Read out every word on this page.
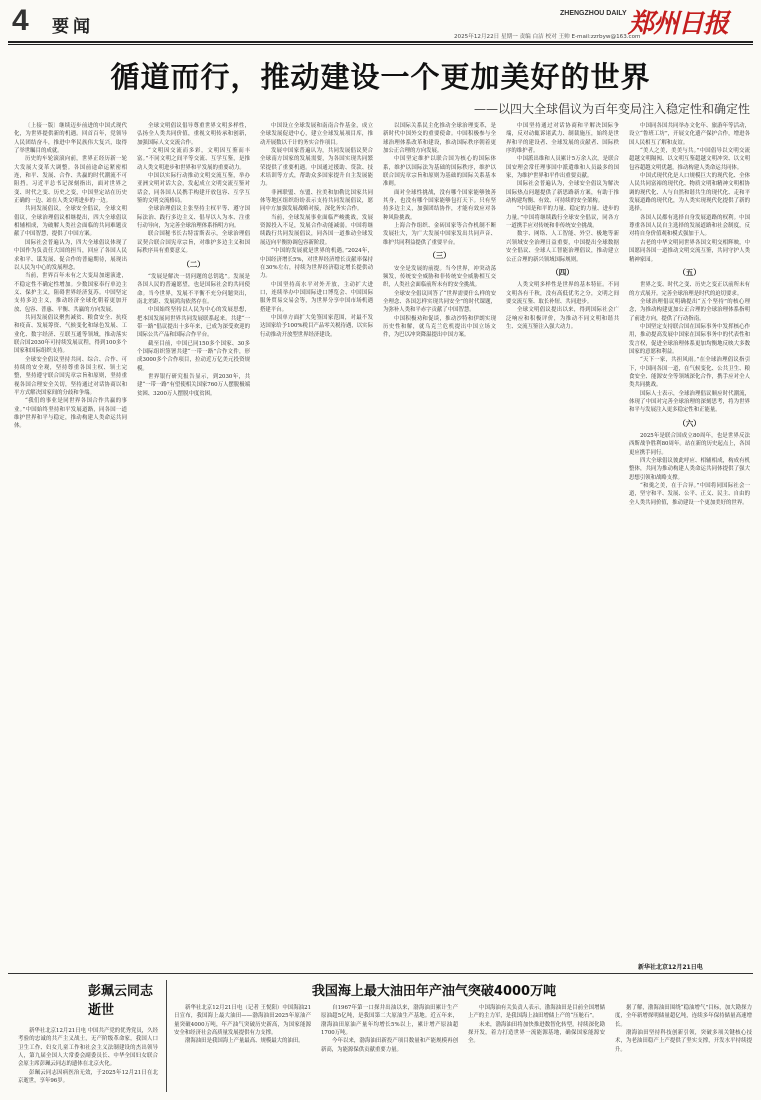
4 要闻
ZHENGZHOU DAILY 郑州日报
2025年12月22日 星期一 责编 白洁 校对 王帅 E-mail:zzrbyw@163.com
循道而行，推动建设一个更加美好的世界
——以四大全球倡议为百年变局注入稳定性和确定性

〔上接一版〕继续迈步前进的中国式现代化，为世界提供新的机遇。回首百年，党领导人民团结奋斗，推进中华民族伟大复兴，取得了举世瞩目的成就。

历史的车轮滚滚向前，世界正经历新一轮大发展大变革大调整。各国前途命运紧密相连，和平、发展、合作、共赢的时代潮流不可阻挡。习近平总书记深刻指出，面对世界之变、时代之变、历史之变，中国坚定站在历史正确的一边、站在人类文明进步的一边。

共同发展倡议，全球安全倡议，全球文明倡议，全球治理倡议相继提出，四大全球倡议相辅相成，为破解人类社会面临的共同难题贡献了中国智慧，提供了中国方案。

国际社会普遍认为，四大全球倡议体现了中国作为负责任大国的担当，回应了各国人民求和平、谋发展、促合作的普遍期待，展现出以人民为中心的发展理念。

当前，世界百年未有之大变局加速演进，不稳定性不确定性增加。少数国家奉行单边主义、保护主义，阻碍世界经济复苏。中国坚定支持多边主义，推动经济全球化朝着更加开放、包容、普惠、平衡、共赢的方向发展。

共同发展倡议聚焦减贫、粮食安全、抗疫和疫苗、发展筹资、气候变化和绿色发展、工业化、数字经济、互联互通等领域，推动落实联合国2030年可持续发展议程，得到100多个国家和国际组织支持。

全球安全倡议坚持共同、综合、合作、可持续的安全观，坚持尊重各国主权、领土完整，坚持遵守联合国宪章宗旨和原则，坚持重视各国合理安全关切，坚持通过对话协商以和平方式解决国家间的分歧和争端。

“我们的事业是同世界各国合作共赢的事业。”中国始终坚持和平发展道路，同各国一道维护世界和平与稳定，推动构建人类命运共同体。

全球文明倡议倡导尊重世界文明多样性，弘扬全人类共同价值，重视文明传承和创新，加强国际人文交流合作。

“文明因交流而多彩，文明因互鉴而丰富。”不同文明之间平等交流、互学互鉴，是推动人类文明进步和世界和平发展的重要动力。

中国以实际行动推动文明交流互鉴，举办亚洲文明对话大会，发起成立文明交流互鉴对话会，同各国人民携手构建开放包容、互学互鉴的文明交流格局。

全球治理倡议主张坚持主权平等、遵守国际法治、践行多边主义、倡导以人为本、注重行动导向，为完善全球治理体系指明方向。

联合国秘书长古特雷斯表示，全球治理倡议契合联合国宪章宗旨，对维护多边主义和国际秩序具有重要意义。

（二）

“发展是解决一切问题的总钥匙”。发展是各国人民的普遍愿望，也是国际社会的共同使命。当今世界，发展不平衡不充分问题突出，南北差距、发展鸿沟依然存在。

中国始终坚持以人民为中心的发展思想，把本国发展同世界共同发展联系起来。共建“一带一路”倡议提出十多年来，已成为深受欢迎的国际公共产品和国际合作平台。

截至目前，中国已同150多个国家、30多个国际组织签署共建“一带一路”合作文件，形成3000多个合作项目，拉动近万亿美元投资规模。

世界银行研究报告显示，到2030年，共建“一带一路”有望使相关国家760万人摆脱极端贫困、3200万人摆脱中度贫困。

中国设立全球发展和南南合作基金，成立全球发展促进中心，建立全球发展项目库，推动开展数以千计的务实合作项目。

发展中国家普遍认为，共同发展倡议契合全球南方国家的发展需要，为各国实现共同繁荣提供了重要机遇。中国通过援助、贷款、技术培训等方式，帮助众多国家提升自主发展能力。

非洲联盟、东盟、拉美和加勒比国家共同体等地区组织纷纷表示支持共同发展倡议，愿同中方加强发展战略对接，深化务实合作。

当前，全球发展事业面临严峻挑战，发展资源投入不足，发展合作动能减弱。中国将继续践行共同发展倡议，同各国一道推动全球发展迈向平衡协调包容新阶段。

“中国的发展就是世界的机遇。”2024年，中国经济增长5%，对世界经济增长贡献率保持在30%左右，持续为世界经济稳定增长提供动力。

中国坚持高水平对外开放，主动扩大进口，连续举办中国国际进口博览会、中国国际服务贸易交易会等，为世界分享中国市场机遇搭建平台。

中国单方面扩大免签国家范围，对最不发达国家给予100%税目产品零关税待遇，以实际行动推动开放型世界经济建设。

以国际关系民主化推动全球治理变革，是新时代中国外交的重要使命。中国积极参与全球治理体系改革和建设，推动国际秩序朝着更加公正合理的方向发展。

中国坚定维护以联合国为核心的国际体系，维护以国际法为基础的国际秩序，维护以联合国宪章宗旨和原则为基础的国际关系基本准则。

面对全球性挑战，没有哪个国家能够独善其身，也没有哪个国家能够包打天下。只有坚持多边主义，加强团结协作，才能有效应对各种风险挑战。

上海合作组织、金砖国家等合作机制不断发展壮大，为广大发展中国家发出共同声音、维护共同利益提供了重要平台。

（三）

安全是发展的前提。当今世界，冲突动荡频发，传统安全威胁和非传统安全威胁相互交织，人类社会面临前所未有的安全挑战。

全球安全倡议回答了“世界需要什么样的安全理念、各国怎样实现共同安全”的时代课题，为弥补人类和平赤字贡献了中国智慧。

中国积极劝和促谈，推动沙特和伊朗实现历史性和解，就乌克兰危机提出中国立场文件，为巴以冲突降温提出中国方案。

中国坚持通过对话协商和平解决国际争端，反对动辄诉诸武力、制裁施压，始终是世界和平的建设者、全球发展的贡献者、国际秩序的维护者。

中国派出维和人员累计5万余人次，是联合国安理会常任理事国中派遣维和人员最多的国家，为维护世界和平作出重要贡献。

国际社会普遍认为，全球安全倡议为解决国际热点问题提供了新思路新方案，有助于推动构建均衡、有效、可持续的安全架构。

“中国是和平的力量、稳定的力量、进步的力量。”中国将继续践行全球安全倡议，同各方一道携手应对传统和非传统安全挑战。

数字、网络、人工智能、外空、极地等新兴领域安全治理日益重要，中国提出全球数据安全倡议、全球人工智能治理倡议，推动建立公正合理的新兴领域国际规则。

（四）

人类文明多样性是世界的基本特征。不同文明各有千秋，没有高低优劣之分，文明之间要交流互鉴、取长补短、共同进步。

全球文明倡议提出以来，得到国际社会广泛响应和积极评价，为推动不同文明和谐共生、交流互鉴注入强大动力。

中国同各国共同举办文化年、旅游年等活动，设立“鲁班工坊”，开展文化遗产保护合作，增进各国人民相互了解和友谊。

“美人之美，美美与共。”中国倡导以文明交流超越文明隔阂、以文明互鉴超越文明冲突、以文明包容超越文明优越，推动构建人类命运共同体。

中国式现代化是人口规模巨大的现代化、全体人民共同富裕的现代化、物质文明和精神文明相协调的现代化、人与自然和谐共生的现代化、走和平发展道路的现代化，为人类实现现代化提供了新的选择。

各国人民都有选择自身发展道路的权利。中国尊重各国人民自主选择的发展道路和社会制度，反对将自身价值观和模式强加于人。

古老的中华文明同世界各国文明交相辉映，中国愿同各国一道推动文明交流互鉴，共同守护人类精神家园。

（五）

世界之变、时代之变、历史之变正以前所未有的方式展开。完善全球治理是时代的迫切要求。

全球治理倡议明确提出“五个坚持”的核心理念，为推动构建更加公正合理的全球治理体系指明了前进方向，提供了行动指南。

中国坚定支持联合国在国际事务中发挥核心作用，推动提高发展中国家在国际事务中的代表性和发言权，促进全球治理体系更加均衡地反映大多数国家的意愿和利益。

“天下一家，共担风雨。”在全球治理倡议指引下，中国同各国一道，在气候变化、公共卫生、粮食安全、能源安全等领域深化合作，携手应对全人类共同挑战。

国际人士表示，全球治理倡议顺应时代潮流，体现了中国对完善全球治理的深刻思考，将为世界和平与发展注入更多稳定性和正能量。

（六）

2025年是联合国成立80周年，也是世界反法西斯战争胜利80周年。站在新的历史起点上，各国更应携手同行。

四大全球倡议彼此呼应、相辅相成，构成有机整体，共同为推动构建人类命运共同体提供了强大思想引领和战略支撑。

“和羹之美，在于合异。”中国将同国际社会一道，坚守和平、发展、公平、正义、民主、自由的全人类共同价值，推动建设一个更加美好的世界。

新华社北京12月21日电
彭珮云同志逝世

新华社北京12月21日电 中国共产党的优秀党员，久经考验的忠诚的共产主义战士，无产阶级革命家，我国人口卫生工作、妇女儿童工作和社会主义法制建设的杰出领导人，第九届全国人大常委会副委员长、中华全国妇女联合会原主席彭珮云同志的遗体在北京火化。

彭珮云同志因病医治无效，于2025年12月21日在北京逝世，享年96岁。

我国海上最大油田年产油气突破4000万吨

新华社北京12月21日电（记者 王悦阳）中国海油21日宣布，我国海上最大油田——渤海油田2025年原油产量突破4000万吨，年产油气突破历史新高，为国家能源安全和经济社会高质量发展提供有力支撑。

渤海油田是我国海上产量最高、规模最大的油田。

自1967年第一口探井出油以来，渤海油田累计生产原油超5亿吨，是我国第二大原油生产基地。近五年来，渤海油田原油产量年均增长5%以上，累计增产原油超1700万吨。

今年以来，渤海油田新投产项目数量和产能规模再创新高，为能源保供贡献重要力量。

中国海油有关负责人表示，渤海油田是目前全国增储上产的主力军，是我国海上油田增储上产的“压舱石”。

未来，渤海油田将加快推进数智化转型，持续深化勘探开发，着力打造世界一流能源基地，确保国家能源安全。

据了解，渤海油田围绕“稳油增气”目标，加大勘探力度，全年新增探明储量超亿吨，连续多年保持储量高速增长。

渤海油田坚持科技创新引领，突破多项关键核心技术，为老油田稳产上产提供了坚实支撑，开发水平持续提升。
